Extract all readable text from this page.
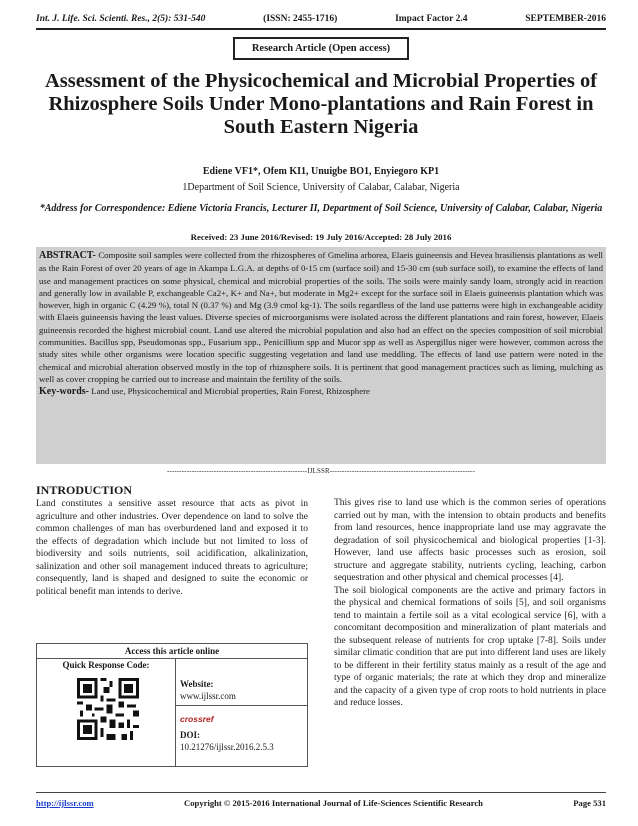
Int. J. Life. Sci. Scienti. Res., 2(5): 531-540	(ISSN: 2455-1716)	Impact Factor 2.4	SEPTEMBER-2016
Research Article (Open access)
Assessment of the Physicochemical and Microbial Properties of Rhizosphere Soils Under Mono-plantations and Rain Forest in South Eastern Nigeria
Ediene VF1*, Ofem KI1, Unuigbe BO1, Enyiegoro KP1
1Department of Soil Science, University of Calabar, Calabar, Nigeria
*Address for Correspondence: Ediene Victoria Francis, Lecturer II, Department of Soil Science, University of Calabar, Calabar, Nigeria
Received: 23 June 2016/Revised: 19 July 2016/Accepted: 28 July 2016

ABSTRACT- Composite soil samples were collected from the rhizospheres of Gmelina arborea, Elaeis guineensis and Hevea brasiliensis plantations as well as the Rain Forest of over 20 years of age in Akampa L.G.A. at depths of 0-15 cm (surface soil) and 15-30 cm (sub surface soil), to examine the effects of land use and management practices on some physical, chemical and microbial properties of the soils. The soils were mainly sandy loam, strongly acid in reaction and generally low in available P, exchangeable Ca2+, K+ and Na+, but moderate in Mg2+ except for the surface soil in Elaeis guineensis plantation which was however, high in organic C (4.29 %), total N (0.37 %) and Mg (3.9 cmol kg-1). The soils regardless of the land use patterns were high in exchangeable acidity with Elaeis guineensis having the least values. Diverse species of microorganisms were isolated across the different plantations and rain forest, however, Elaeis guineensis recorded the highest microbial count. Land use altered the microbial population and also had an effect on the species composition of soil microbial communities. Bacillus spp, Pseudomonas spp., Fusarium spp., Penicillium spp and Mucor spp as well as Aspergillus niger were however, common across the study sites while other organisms were location specific suggesting vegetation and land use meddling. The effects of land use pattern were noted in the chemical and microbial alteration observed mostly in the top of rhizosphere soils. It is pertinent that good management practices such as liming, mulching as well as cover cropping be carried out to increase and maintain the fertility of the soils.

Key-words- Land use, Physicochemical and Microbial properties, Rain Forest, Rhizosphere

---------------------------------------------------------IJLSSR-----------------------------------------------------------
INTRODUCTION

Land constitutes a sensitive asset resource that acts as pivot in agriculture and other industries. Over dependence on land to solve the common challenges of man has overburdened land and exposed it to the effects of degradation which include but not limited to loss of biodiversity and soils nutrients, soil acidification, alkalinization, salinization and other soil management induced threats to agriculture; consequently, land is shaped and designed to suite the economic or political benefit man intends to derive.

This gives rise to land use which is the common series of operations carried out by man, with the intension to obtain products and benefits from land resources, hence inappropriate land use may aggravate the degradation of soil physicochemical and biological properties [1-3]. However, land use affects basic processes such as erosion, soil structure and aggregate stability, nutrients cycling, leaching, carbon sequestration and other physical and chemical processes [4].

The soil biological components are the active and primary factors in the physical and chemical formations of soils [5], and soil organisms tend to maintain a fertile soil as a vital ecological service [6], with a concomitant decomposition and mineralization of plant materials and the subsequent release of nutrients for crop uptake [7-8]. Soils under similar climatic condition that are put into different land uses are likely to be different in their fertility status mainly as a result of the age and type of organic materials; the rate at which they drop and mineralize and the capacity of a given type of crop roots to hold nutrients in place and reduce losses.

Access this article online
Quick Response Code:
Website:
www.ijlssr.com
crossref
DOI:
10.21276/ijlssr.2016.2.5.3
http://ijlssr.com	Copyright © 2015-2016 International Journal of Life-Sciences Scientific Research	Page 531
